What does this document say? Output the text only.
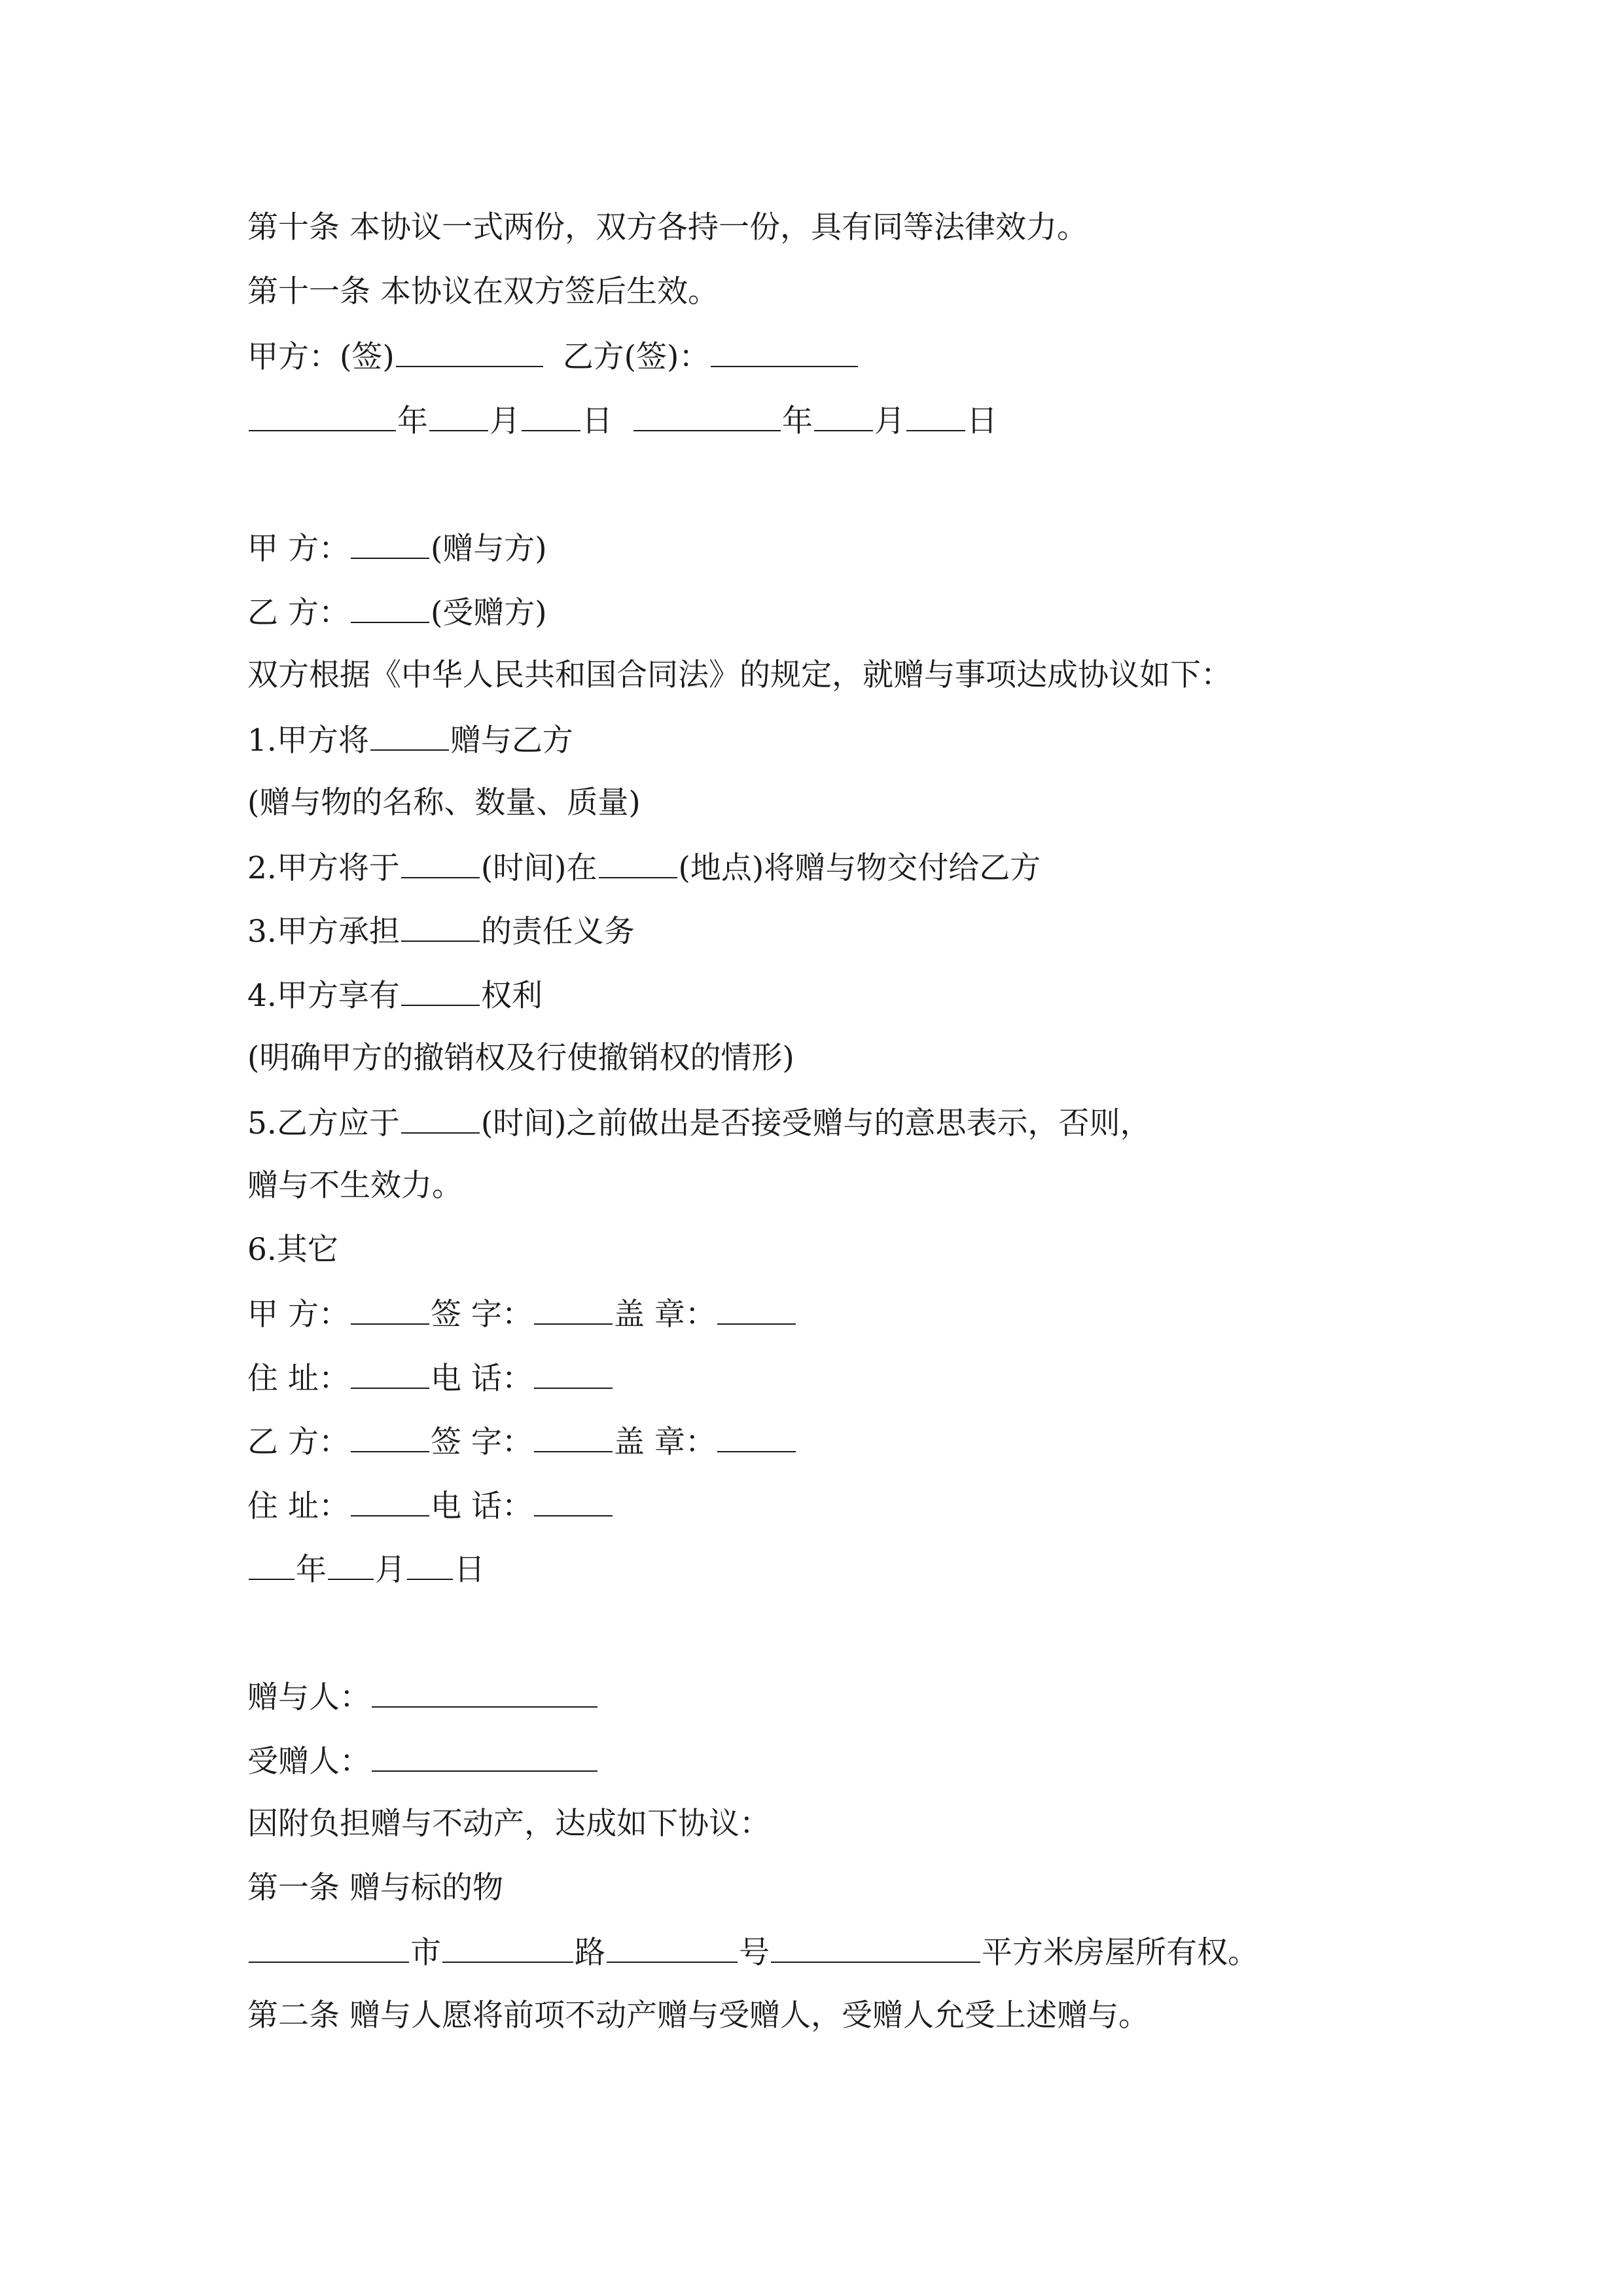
第十条 本协议一式两份，双方各持一份，具有同等法律效力。
第十一条 本协议在双方签后生效。
甲方：(签)	乙方(签)：
年 月 日	年 月 日
甲 方：	(赠与方)
乙 方：	(受赠方)
双方根据《中华人民共和国合同法》的规定，就赠与事项达成协议如下：
1.甲方将	赠与乙方
(赠与物的名称、数量、质量)
2.甲方将于	(时间)在	(地点)将赠与物交付给乙方
3.甲方承担	的责任义务
4.甲方享有	权利
(明确甲方的撤销权及行使撤销权的情形)
5.乙方应于	(时间)之前做出是否接受赠与的意思表示，否则，
赠与不生效力。
6.其它
甲 方：	签 字：	盖 章：
住 址：	电 话：
乙 方：	签 字：	盖 章：
住 址：	电 话：
年 月 日
赠与人：
受赠人：
因附负担赠与不动产，达成如下协议：
第一条 赠与标的物
市	路	号	平方米房屋所有权。
第二条 赠与人愿将前项不动产赠与受赠人，受赠人允受上述赠与。
